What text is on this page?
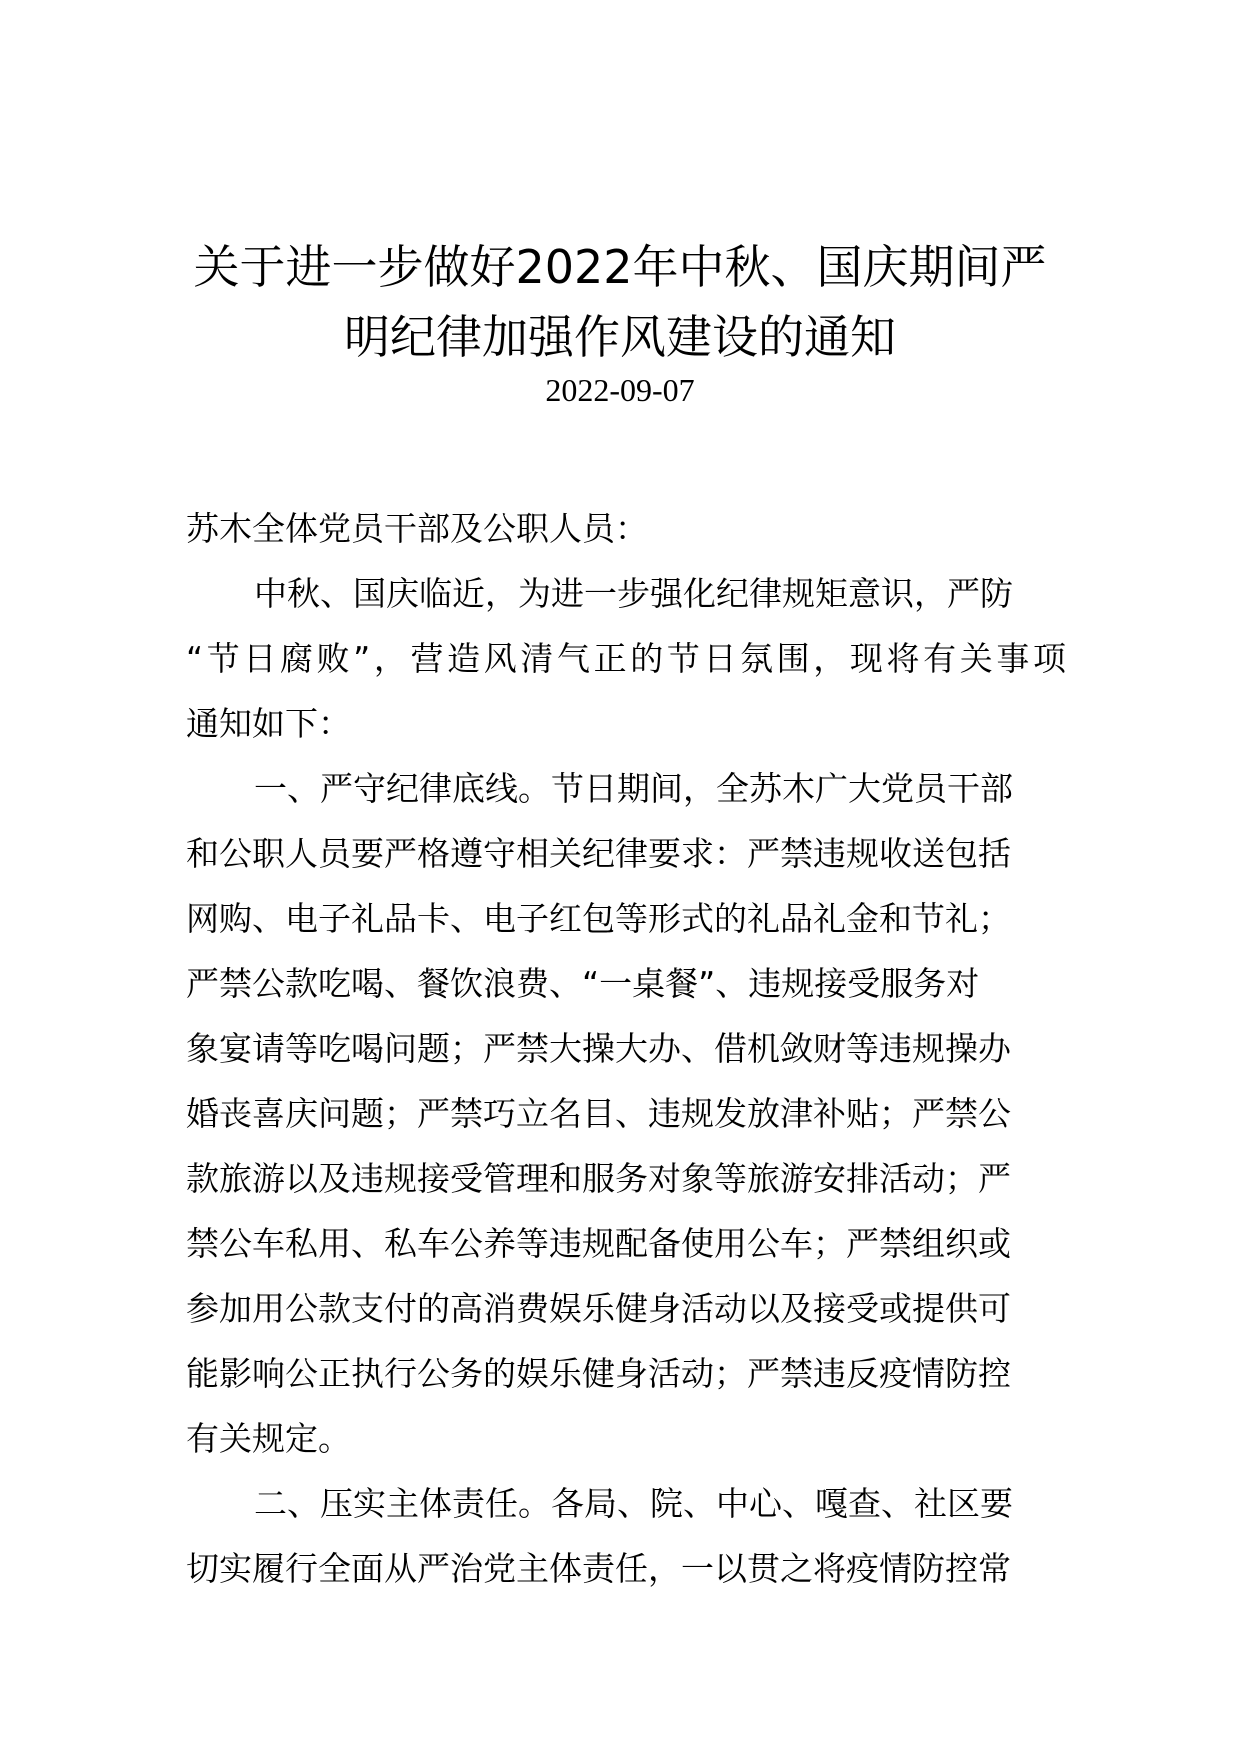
关于进一步做好2022年中秋、国庆期间严
明纪律加强作风建设的通知
2022-09-07
苏木全体党员干部及公职人员：
中秋、国庆临近，为进一步强化纪律规矩意识，严防
“节日腐败”，营造风清气正的节日氛围，现将有关事项
通知如下：
一、严守纪律底线。节日期间，全苏木广大党员干部
和公职人员要严格遵守相关纪律要求：严禁违规收送包括
网购、电子礼品卡、电子红包等形式的礼品礼金和节礼；
严禁公款吃喝、餐饮浪费、“一桌餐”、违规接受服务对
象宴请等吃喝问题；严禁大操大办、借机敛财等违规操办
婚丧喜庆问题；严禁巧立名目、违规发放津补贴；严禁公
款旅游以及违规接受管理和服务对象等旅游安排活动；严
禁公车私用、私车公养等违规配备使用公车；严禁组织或
参加用公款支付的高消费娱乐健身活动以及接受或提供可
能影响公正执行公务的娱乐健身活动；严禁违反疫情防控
有关规定。
二、压实主体责任。各局、院、中心、嘎查、社区要
切实履行全面从严治党主体责任，一以贯之将疫情防控常
